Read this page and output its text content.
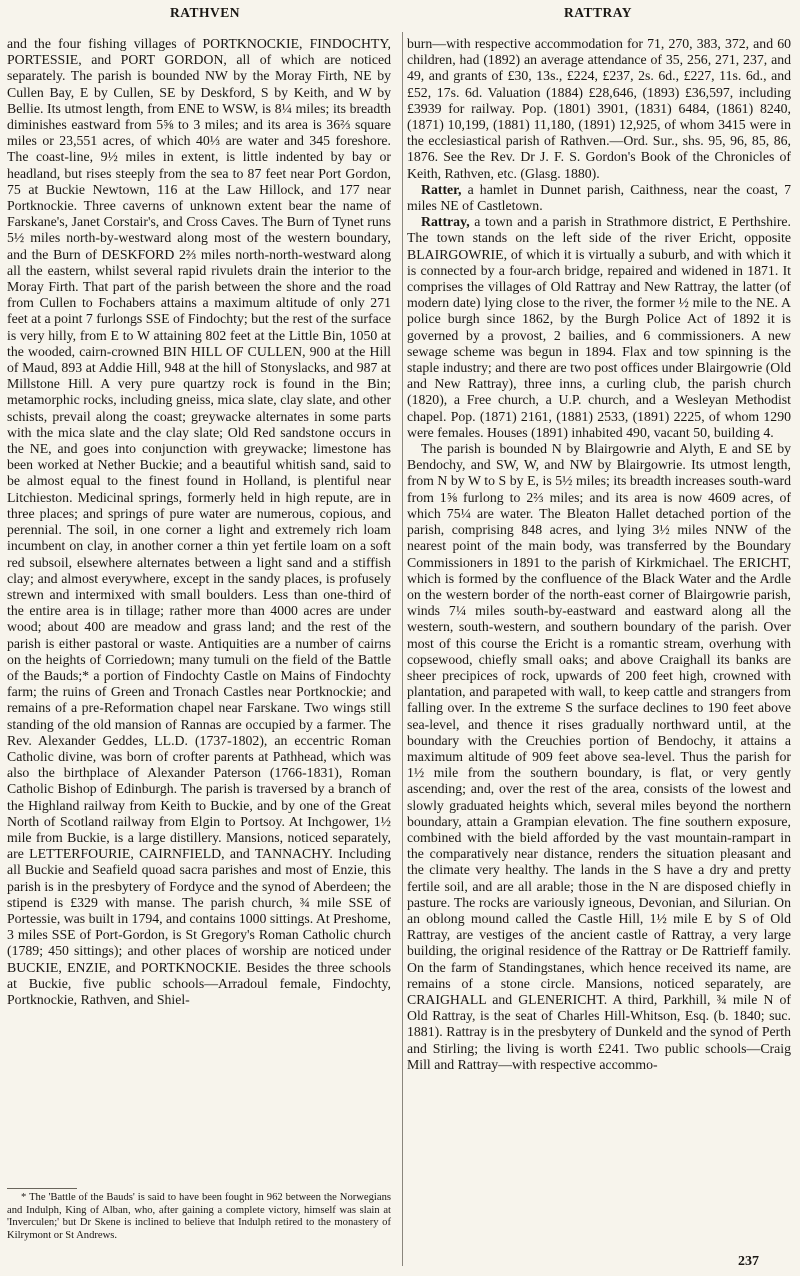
RATHVEN	RATTRAY

and the four fishing villages of PORTKNOCKIE, FINDOCHTY, PORTESSIE, and PORT GORDON, all of which are noticed separately. The parish is bounded NW by the Moray Firth, NE by Cullen Bay, E by Cullen, SE by Deskford, S by Keith, and W by Bellie. Its utmost length, from ENE to WSW, is 8¼ miles; its breadth diminishes eastward from 5⅝ to 3 miles; and its area is 36⅔ square miles or 23,551 acres, of which 40⅓ are water and 345 foreshore. The coast-line, 9½ miles in extent, is little indented by bay or headland, but rises steeply from the sea to 87 feet near Port Gordon, 75 at Buckie Newtown, 116 at the Law Hillock, and 177 near Portknockie. Three caverns of unknown extent bear the name of Farskane's, Janet Corstair's, and Cross Caves. The Burn of Tynet runs 5½ miles north-by-westward along most of the western boundary, and the Burn of DESKFORD 2⅔ miles north-north-westward along all the eastern, whilst several rapid rivulets drain the interior to the Moray Firth. That part of the parish between the shore and the road from Cullen to Fochabers attains a maximum altitude of only 271 feet at a point 7 furlongs SSE of Findochty; but the rest of the surface is very hilly, from E to W attaining 802 feet at the Little Bin, 1050 at the wooded, cairn-crowned BIN HILL OF CULLEN, 900 at the Hill of Maud, 893 at Addie Hill, 948 at the hill of Stonyslacks, and 987 at Millstone Hill. A very pure quartzy rock is found in the Bin; metamorphic rocks, including gneiss, mica slate, clay slate, and other schists, prevail along the coast; greywacke alternates in some parts with the mica slate and the clay slate; Old Red sandstone occurs in the NE, and goes into conjunction with greywacke; limestone has been worked at Nether Buckie; and a beautiful whitish sand, said to be almost equal to the finest found in Holland, is plentiful near Litchieston. Medicinal springs, formerly held in high repute, are in three places; and springs of pure water are numerous, copious, and perennial. The soil, in one corner a light and extremely rich loam incumbent on clay, in another corner a thin yet fertile loam on a soft red subsoil, elsewhere alternates between a light sand and a stiffish clay; and almost everywhere, except in the sandy places, is profusely strewn and intermixed with small boulders. Less than one-third of the entire area is in tillage; rather more than 4000 acres are under wood; about 400 are meadow and grass land; and the rest of the parish is either pastoral or waste. Antiquities are a number of cairns on the heights of Corriedown; many tumuli on the field of the Battle of the Bauds;* a portion of Findochty Castle on Mains of Findochty farm; the ruins of Green and Tronach Castles near Portknockie; and remains of a pre-Reformation chapel near Farskane. Two wings still standing of the old mansion of Rannas are occupied by a farmer. The Rev. Alexander Geddes, LL.D. (1737-1802), an eccentric Roman Catholic divine, was born of crofter parents at Pathhead, which was also the birthplace of Alexander Paterson (1766-1831), Roman Catholic Bishop of Edinburgh. The parish is traversed by a branch of the Highland railway from Keith to Buckie, and by one of the Great North of Scotland railway from Elgin to Portsoy. At Inchgower, 1½ mile from Buckie, is a large distillery. Mansions, noticed separately, are LETTERFOURIE, CAIRNFIELD, and TANNACHY. Including all Buckie and Seafield quoad sacra parishes and most of Enzie, this parish is in the presbytery of Fordyce and the synod of Aberdeen; the stipend is £329 with manse. The parish church, ¾ mile SSE of Portessie, was built in 1794, and contains 1000 sittings. At Preshome, 3 miles SSE of Port-Gordon, is St Gregory's Roman Catholic church (1789; 450 sittings); and other places of worship are noticed under BUCKIE, ENZIE, and PORTKNOCKIE. Besides the three schools at Buckie, five public schools—Arradoul female, Findochty, Portknockie, Rathven, and Shiel-

burn—with respective accommodation for 71, 270, 383, 372, and 60 children, had (1892) an average attendance of 35, 256, 271, 237, and 49, and grants of £30, 13s., £224, £237, 2s. 6d., £227, 11s. 6d., and £52, 17s. 6d. Valuation (1884) £28,646, (1893) £36,597, including £3939 for railway. Pop. (1801) 3901, (1831) 6484, (1861) 8240, (1871) 10,199, (1881) 11,180, (1891) 12,925, of whom 3415 were in the ecclesiastical parish of Rathven.—Ord. Sur., shs. 95, 96, 85, 86, 1876. See the Rev. Dr J. F. S. Gordon's Book of the Chronicles of Keith, Rathven, etc. (Glasg. 1880).

Ratter, a hamlet in Dunnet parish, Caithness, near the coast, 7 miles NE of Castletown.

Rattray, a town and a parish in Strathmore district, E Perthshire. The town stands on the left side of the river Ericht, opposite BLAIRGOWRIE, of which it is virtually a suburb, and with which it is connected by a four-arch bridge, repaired and widened in 1871. It comprises the villages of Old Rattray and New Rattray, the latter (of modern date) lying close to the river, the former ½ mile to the NE. A police burgh since 1862, by the Burgh Police Act of 1892 it is governed by a provost, 2 bailies, and 6 commissioners. A new sewage scheme was begun in 1894. Flax and tow spinning is the staple industry; and there are two post offices under Blairgowrie (Old and New Rattray), three inns, a curling club, the parish church (1820), a Free church, a U.P. church, and a Wesleyan Methodist chapel. Pop. (1871) 2161, (1881) 2533, (1891) 2225, of whom 1290 were females. Houses (1891) inhabited 490, vacant 50, building 4.

The parish is bounded N by Blairgowrie and Alyth, E and SE by Bendochy, and SW, W, and NW by Blairgowrie. Its utmost length, from N by W to S by E, is 5½ miles; its breadth increases south-ward from 1⅝ furlong to 2⅔ miles; and its area is now 4609 acres, of which 75¼ are water. The Bleaton Hallet detached portion of the parish, comprising 848 acres, and lying 3½ miles NNW of the nearest point of the main body, was transferred by the Boundary Commissioners in 1891 to the parish of Kirkmichael. The ERICHT, which is formed by the confluence of the Black Water and the Ardle on the western border of the north-east corner of Blairgowrie parish, winds 7¼ miles south-by-eastward and eastward along all the western, south-western, and southern boundary of the parish. Over most of this course the Ericht is a romantic stream, overhung with copsewood, chiefly small oaks; and above Craighall its banks are sheer precipices of rock, upwards of 200 feet high, crowned with plantation, and parapeted with wall, to keep cattle and strangers from falling over. In the extreme S the surface declines to 190 feet above sea-level, and thence it rises gradually northward until, at the boundary with the Creuchies portion of Bendochy, it attains a maximum altitude of 909 feet above sea-level. Thus the parish for 1½ mile from the southern boundary, is flat, or very gently ascending; and, over the rest of the area, consists of the lowest and slowly graduated heights which, several miles beyond the northern boundary, attain a Grampian elevation. The fine southern exposure, combined with the bield afforded by the vast mountain-rampart in the comparatively near distance, renders the situation pleasant and the climate very healthy. The lands in the S have a dry and pretty fertile soil, and are all arable; those in the N are disposed chiefly in pasture. The rocks are variously igneous, Devonian, and Silurian. On an oblong mound called the Castle Hill, 1½ mile E by S of Old Rattray, are vestiges of the ancient castle of Rattray, a very large building, the original residence of the Rattray or De Rattrieff family. On the farm of Standingstanes, which hence received its name, are remains of a stone circle. Mansions, noticed separately, are CRAIGHALL and GLENERICHT. A third, Parkhill, ¾ mile N of Old Rattray, is the seat of Charles Hill-Whitson, Esq. (b. 1840; suc. 1881). Rattray is in the presbytery of Dunkeld and the synod of Perth and Stirling; the living is worth £241. Two public schools—Craig Mill and Rattray—with respective accommo-

* The 'Battle of the Bauds' is said to have been fought in 962 between the Norwegians and Indulph, King of Alban, who, after gaining a complete victory, himself was slain at 'Inverculen;' but Dr Skene is inclined to believe that Indulph retired to the monastery of Kilrymont or St Andrews.
237
